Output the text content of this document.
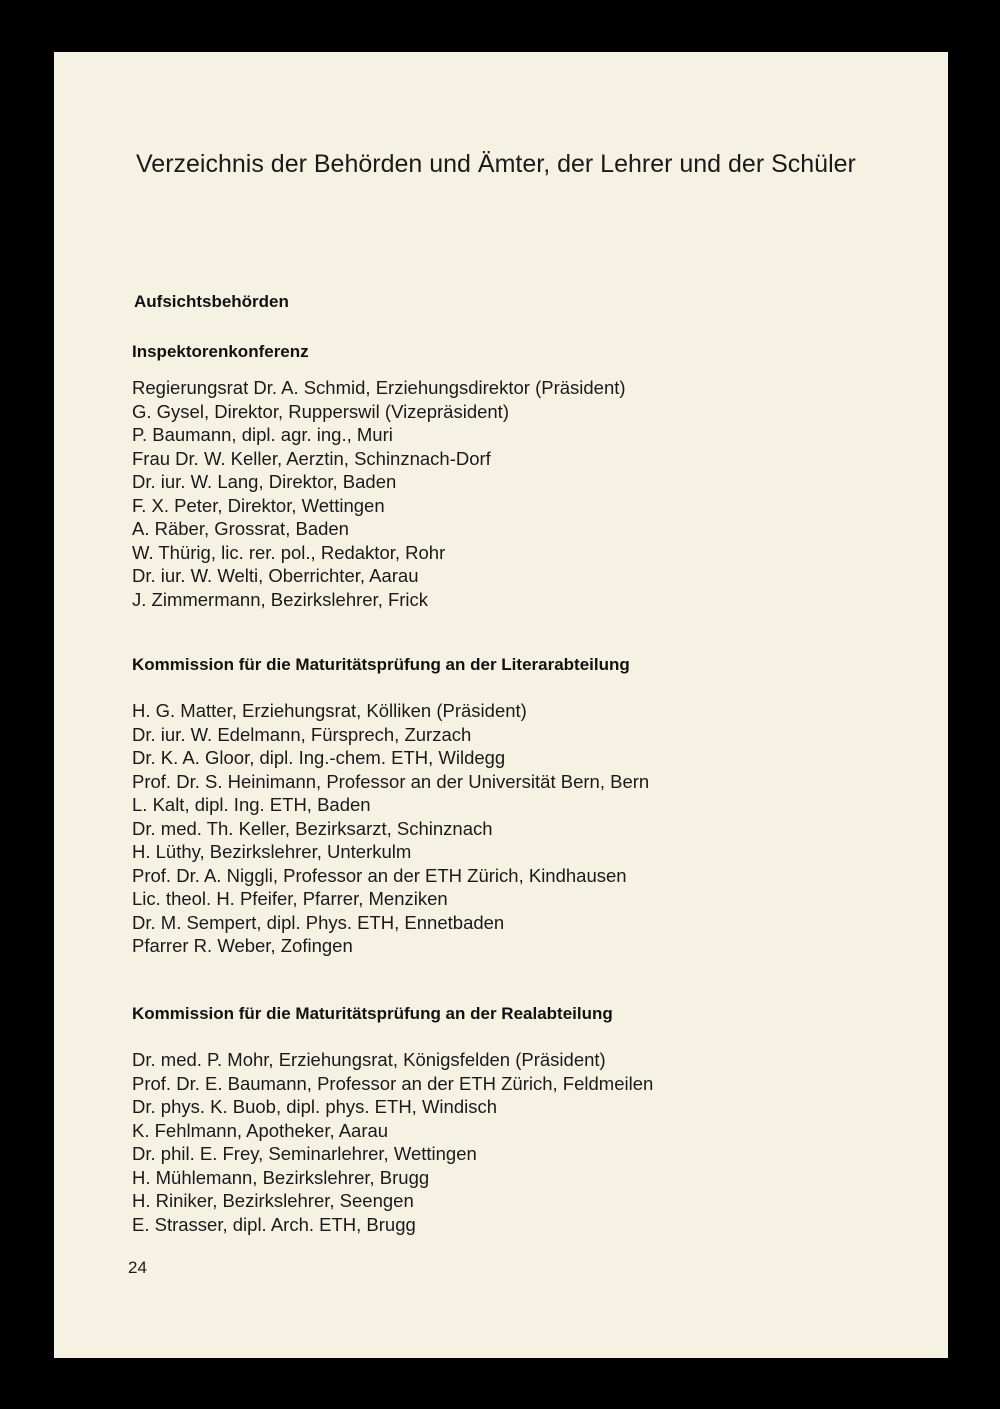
Verzeichnis der Behörden und Ämter, der Lehrer und der Schüler
Aufsichtsbehörden
Inspektorenkonferenz
Regierungsrat Dr. A. Schmid, Erziehungsdirektor (Präsident)
G. Gysel, Direktor, Rupperswil (Vizepräsident)
P. Baumann, dipl. agr. ing., Muri
Frau Dr. W. Keller, Aerztin, Schinznach-Dorf
Dr. iur. W. Lang, Direktor, Baden
F. X. Peter, Direktor, Wettingen
A. Räber, Grossrat, Baden
W. Thürig, lic. rer. pol., Redaktor, Rohr
Dr. iur. W. Welti, Oberrichter, Aarau
J. Zimmermann, Bezirkslehrer, Frick
Kommission für die Maturitätsprüfung an der Literarabteilung
H. G. Matter, Erziehungsrat, Kölliken (Präsident)
Dr. iur. W. Edelmann, Fürsprech, Zurzach
Dr. K. A. Gloor, dipl. Ing.-chem. ETH, Wildegg
Prof. Dr. S. Heinimann, Professor an der Universität Bern, Bern
L. Kalt, dipl. Ing. ETH, Baden
Dr. med. Th. Keller, Bezirksarzt, Schinznach
H. Lüthy, Bezirkslehrer, Unterkulm
Prof. Dr. A. Niggli, Professor an der ETH Zürich, Kindhausen
Lic. theol. H. Pfeifer, Pfarrer, Menziken
Dr. M. Sempert, dipl. Phys. ETH, Ennetbaden
Pfarrer R. Weber, Zofingen
Kommission für die Maturitätsprüfung an der Realabteilung
Dr. med. P. Mohr, Erziehungsrat, Königsfelden (Präsident)
Prof. Dr. E. Baumann, Professor an der ETH Zürich, Feldmeilen
Dr. phys. K. Buob, dipl. phys. ETH, Windisch
K. Fehlmann, Apotheker, Aarau
Dr. phil. E. Frey, Seminarlehrer, Wettingen
H. Mühlemann, Bezirkslehrer, Brugg
H. Riniker, Bezirkslehrer, Seengen
E. Strasser, dipl. Arch. ETH, Brugg
24
